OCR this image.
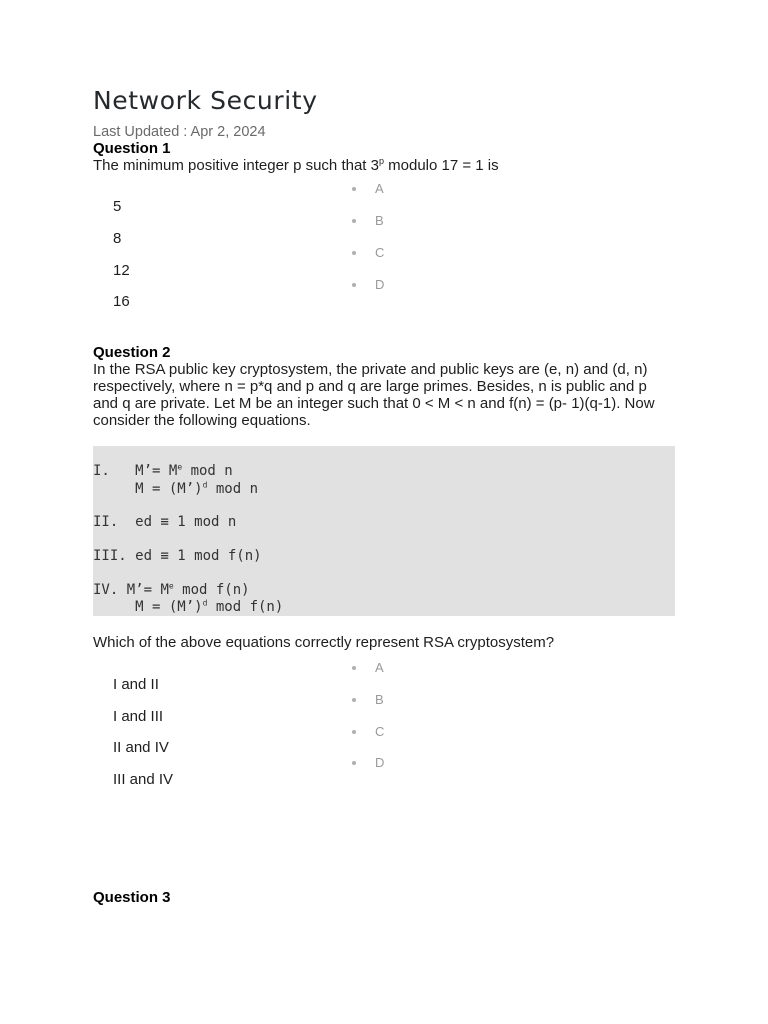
Network Security
Last Updated : Apr 2, 2024
Question 1
The minimum positive integer p such that 3$^p$ modulo 17 = 1 is
A
B
C
D
5
8
12
16
Question 2
In the RSA public key cryptosystem, the private and public keys are (e, n) and (d, n)
respectively, where n = p*q and p and q are large primes. Besides, n is public and p
and q are private. Let M be an integer such that 0 < M < n and f(n) = (p- 1)(q-1). Now
consider the following equations.
I. M’= $M^e$ mod n
M = (M’)$^d$ mod n
II. ed ≡ 1 mod n
III. ed ≡ 1 mod f(n)
IV. M’= $M^e$ mod f(n)
M = (M’)$^d$ mod f(n)
Which of the above equations correctly represent RSA cryptosystem?
A
B
C
D
I and II
I and III
II and IV
III and IV
Question 3
